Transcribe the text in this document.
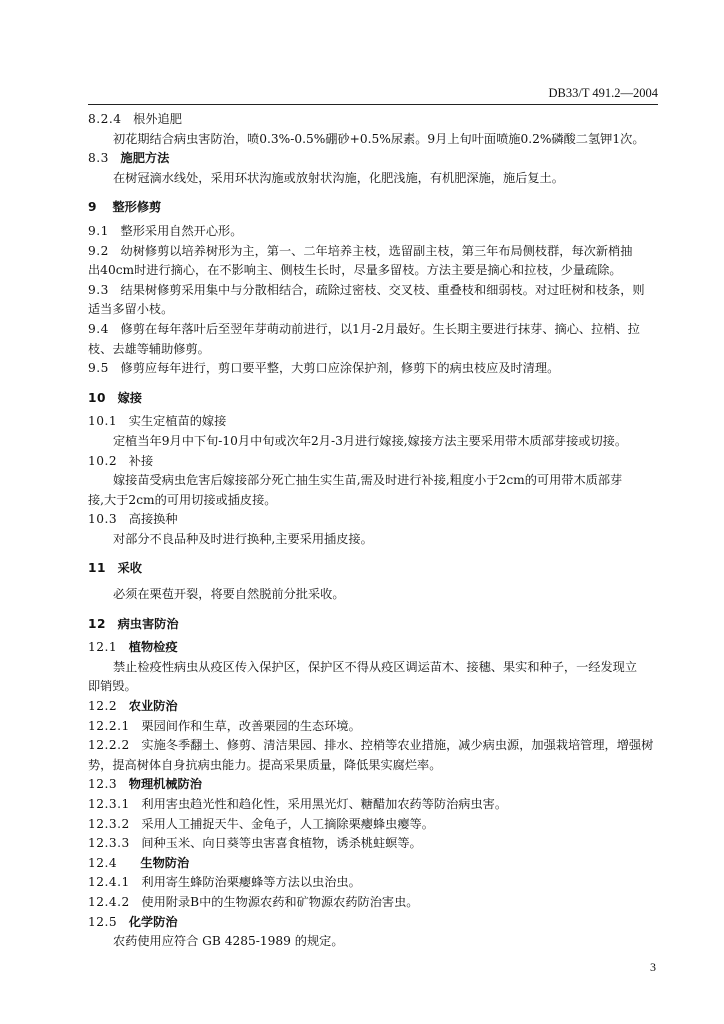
DB33/T 491.2—2004
8.2.4 根外追肥
初花期结合病虫害防治，喷0.3%-0.5%硼砂+0.5%尿素。9月上旬叶面喷施0.2%磷酸二氢钾1次。
8.3 施肥方法
在树冠滴水线处，采用环状沟施或放射状沟施，化肥浅施，有机肥深施，施后复土。
9 整形修剪
9.1 整形采用自然开心形。
9.2 幼树修剪以培养树形为主，第一、二年培养主枝，选留副主枝，第三年布局侧枝群，每次新梢抽
出40cm时进行摘心，在不影响主、侧枝生长时，尽量多留枝。方法主要是摘心和拉枝，少量疏除。
9.3 结果树修剪采用集中与分散相结合，疏除过密枝、交叉枝、重叠枝和细弱枝。对过旺树和枝条，则
适当多留小枝。
9.4 修剪在每年落叶后至翌年芽萌动前进行，以1月-2月最好。生长期主要进行抹芽、摘心、拉梢、拉
枝、去雄等辅助修剪。
9.5 修剪应每年进行，剪口要平整，大剪口应涂保护剂，修剪下的病虫枝应及时清理。
10 嫁接
10.1 实生定植苗的嫁接
定植当年9月中下旬-10月中旬或次年2月-3月进行嫁接,嫁接方法主要采用带木质部芽接或切接。
10.2 补接
嫁接苗受病虫危害后嫁接部分死亡抽生实生苗,需及时进行补接,粗度小于2cm的可用带木质部芽
接,大于2cm的可用切接或插皮接。
10.3 高接换种
对部分不良品种及时进行换种,主要采用插皮接。
11 采收
必须在栗苞开裂，将要自然脱前分批采收。
12 病虫害防治
12.1 植物检疫
禁止检疫性病虫从疫区传入保护区，保护区不得从疫区调运苗木、接穗、果实和种子，一经发现立
即销毁。
12.2 农业防治
12.2.1 栗园间作和生草，改善栗园的生态环境。
12.2.2 实施冬季翻土、修剪、清洁果园、排水、控梢等农业措施，减少病虫源，加强栽培管理，增强树
势，提高树体自身抗病虫能力。提高采果质量，降低果实腐烂率。
12.3 物理机械防治
12.3.1 利用害虫趋光性和趋化性，采用黑光灯、糖醋加农药等防治病虫害。
12.3.2 采用人工捕捉天牛、金龟子，人工摘除栗瘿蜂虫瘿等。
12.3.3 间种玉米、向日葵等虫害喜食植物，诱杀桃蛀螟等。
12.4 生物防治
12.4.1 利用寄生蜂防治栗瘿蜂等方法以虫治虫。
12.4.2 使用附录B中的生物源农药和矿物源农药防治害虫。
12.5 化学防治
农药使用应符合 GB 4285-1989 的规定。
3
